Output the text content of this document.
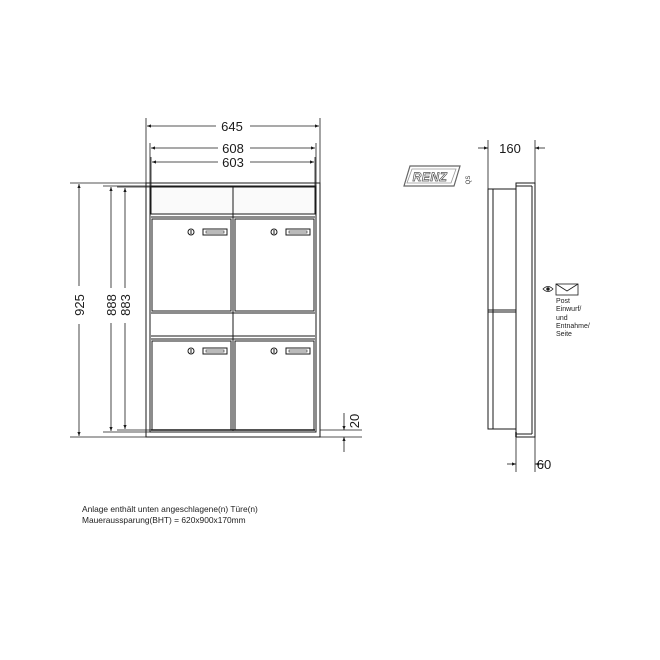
645
608
603
925 888 883
20
RENZ	QS
160
60
Post
Einwurf/
und
Entnahme/
Seite
Anlage enthält unten angeschlagene(n) Türe(n)
Maueraussparung(BHT) = 620x900x170mm
